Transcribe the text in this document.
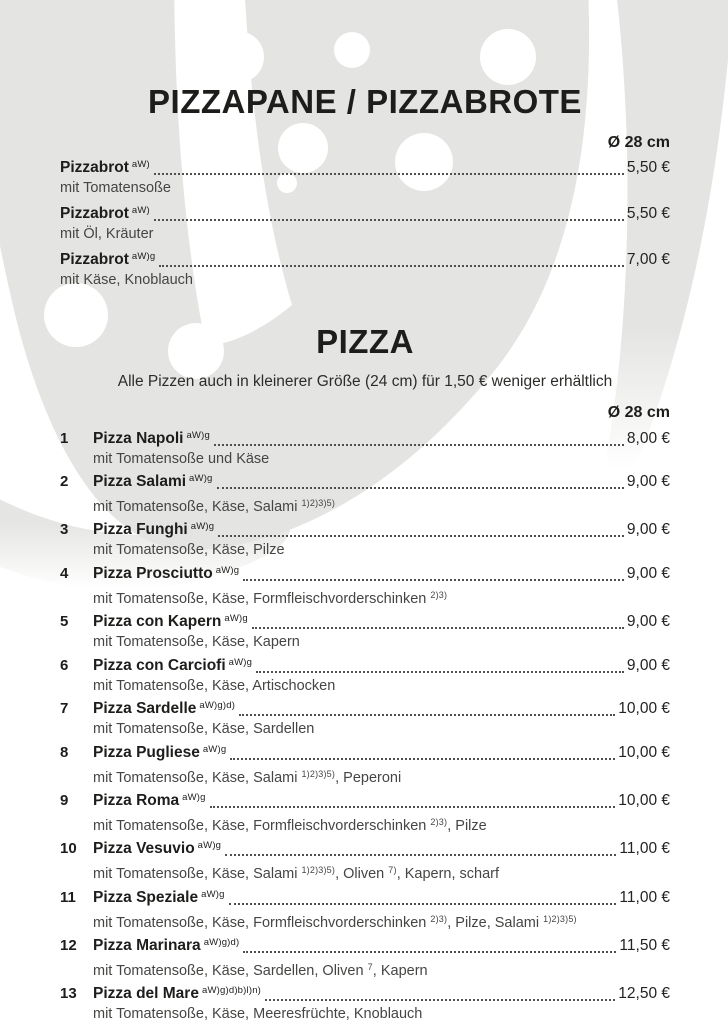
PIZZAPANE / PIZZABROTE
Ø 28 cm
Pizzabrot aW)	5,50 €
mit Tomatensoße
Pizzabrot aW)	5,50 €
mit Öl, Kräuter
Pizzabrot aW)g	7,00 €
mit Käse, Knoblauch
PIZZA

Alle Pizzen auch in kleinerer Größe (24 cm) für 1,50 € weniger erhältlich

Ø 28 cm
1	Pizza Napoli aW)g	8,00 €
mit Tomatensoße und Käse
2	Pizza Salami aW)g	9,00 €
mit Tomatensoße, Käse, Salami $^{1)2)3)5)}$
3	Pizza Funghi aW)g	9,00 €
mit Tomatensoße, Käse, Pilze
4	Pizza Prosciutto aW)g	9,00 €
mit Tomatensoße, Käse, Formfleischvorderschinken $^{2)3)}$
5	Pizza con Kapern aW)g	9,00 €
mit Tomatensoße, Käse, Kapern
6	Pizza con Carciofi aW)g	9,00 €
mit Tomatensoße, Käse, Artischocken
7	Pizza Sardelle aW)g)d)	10,00 €
mit Tomatensoße, Käse, Sardellen
8	Pizza Pugliese aW)g	10,00 €
mit Tomatensoße, Käse, Salami $^{1)2)3)5)}$, Peperoni
9	Pizza Roma aW)g	10,00 €
mit Tomatensoße, Käse, Formfleischvorderschinken $^{2)3)}$, Pilze
10	Pizza Vesuvio aW)g	11,00 €
mit Tomatensoße, Käse, Salami $^{1)2)3)5)}$, Oliven $^{7)}$, Kapern, scharf
11	Pizza Speziale aW)g	11,00 €
mit Tomatensoße, Käse, Formfleischvorderschinken $^{2)3)}$, Pilze, Salami $^{1)2)3)5)}$
12	Pizza Marinara aW)g)d)	11,50 €
mit Tomatensoße, Käse, Sardellen, Oliven $^7$, Kapern
13	Pizza del Mare aW)g)d)b)l)n)	12,50 €
mit Tomatensoße, Käse, Meeresfrüchte, Knoblauch
